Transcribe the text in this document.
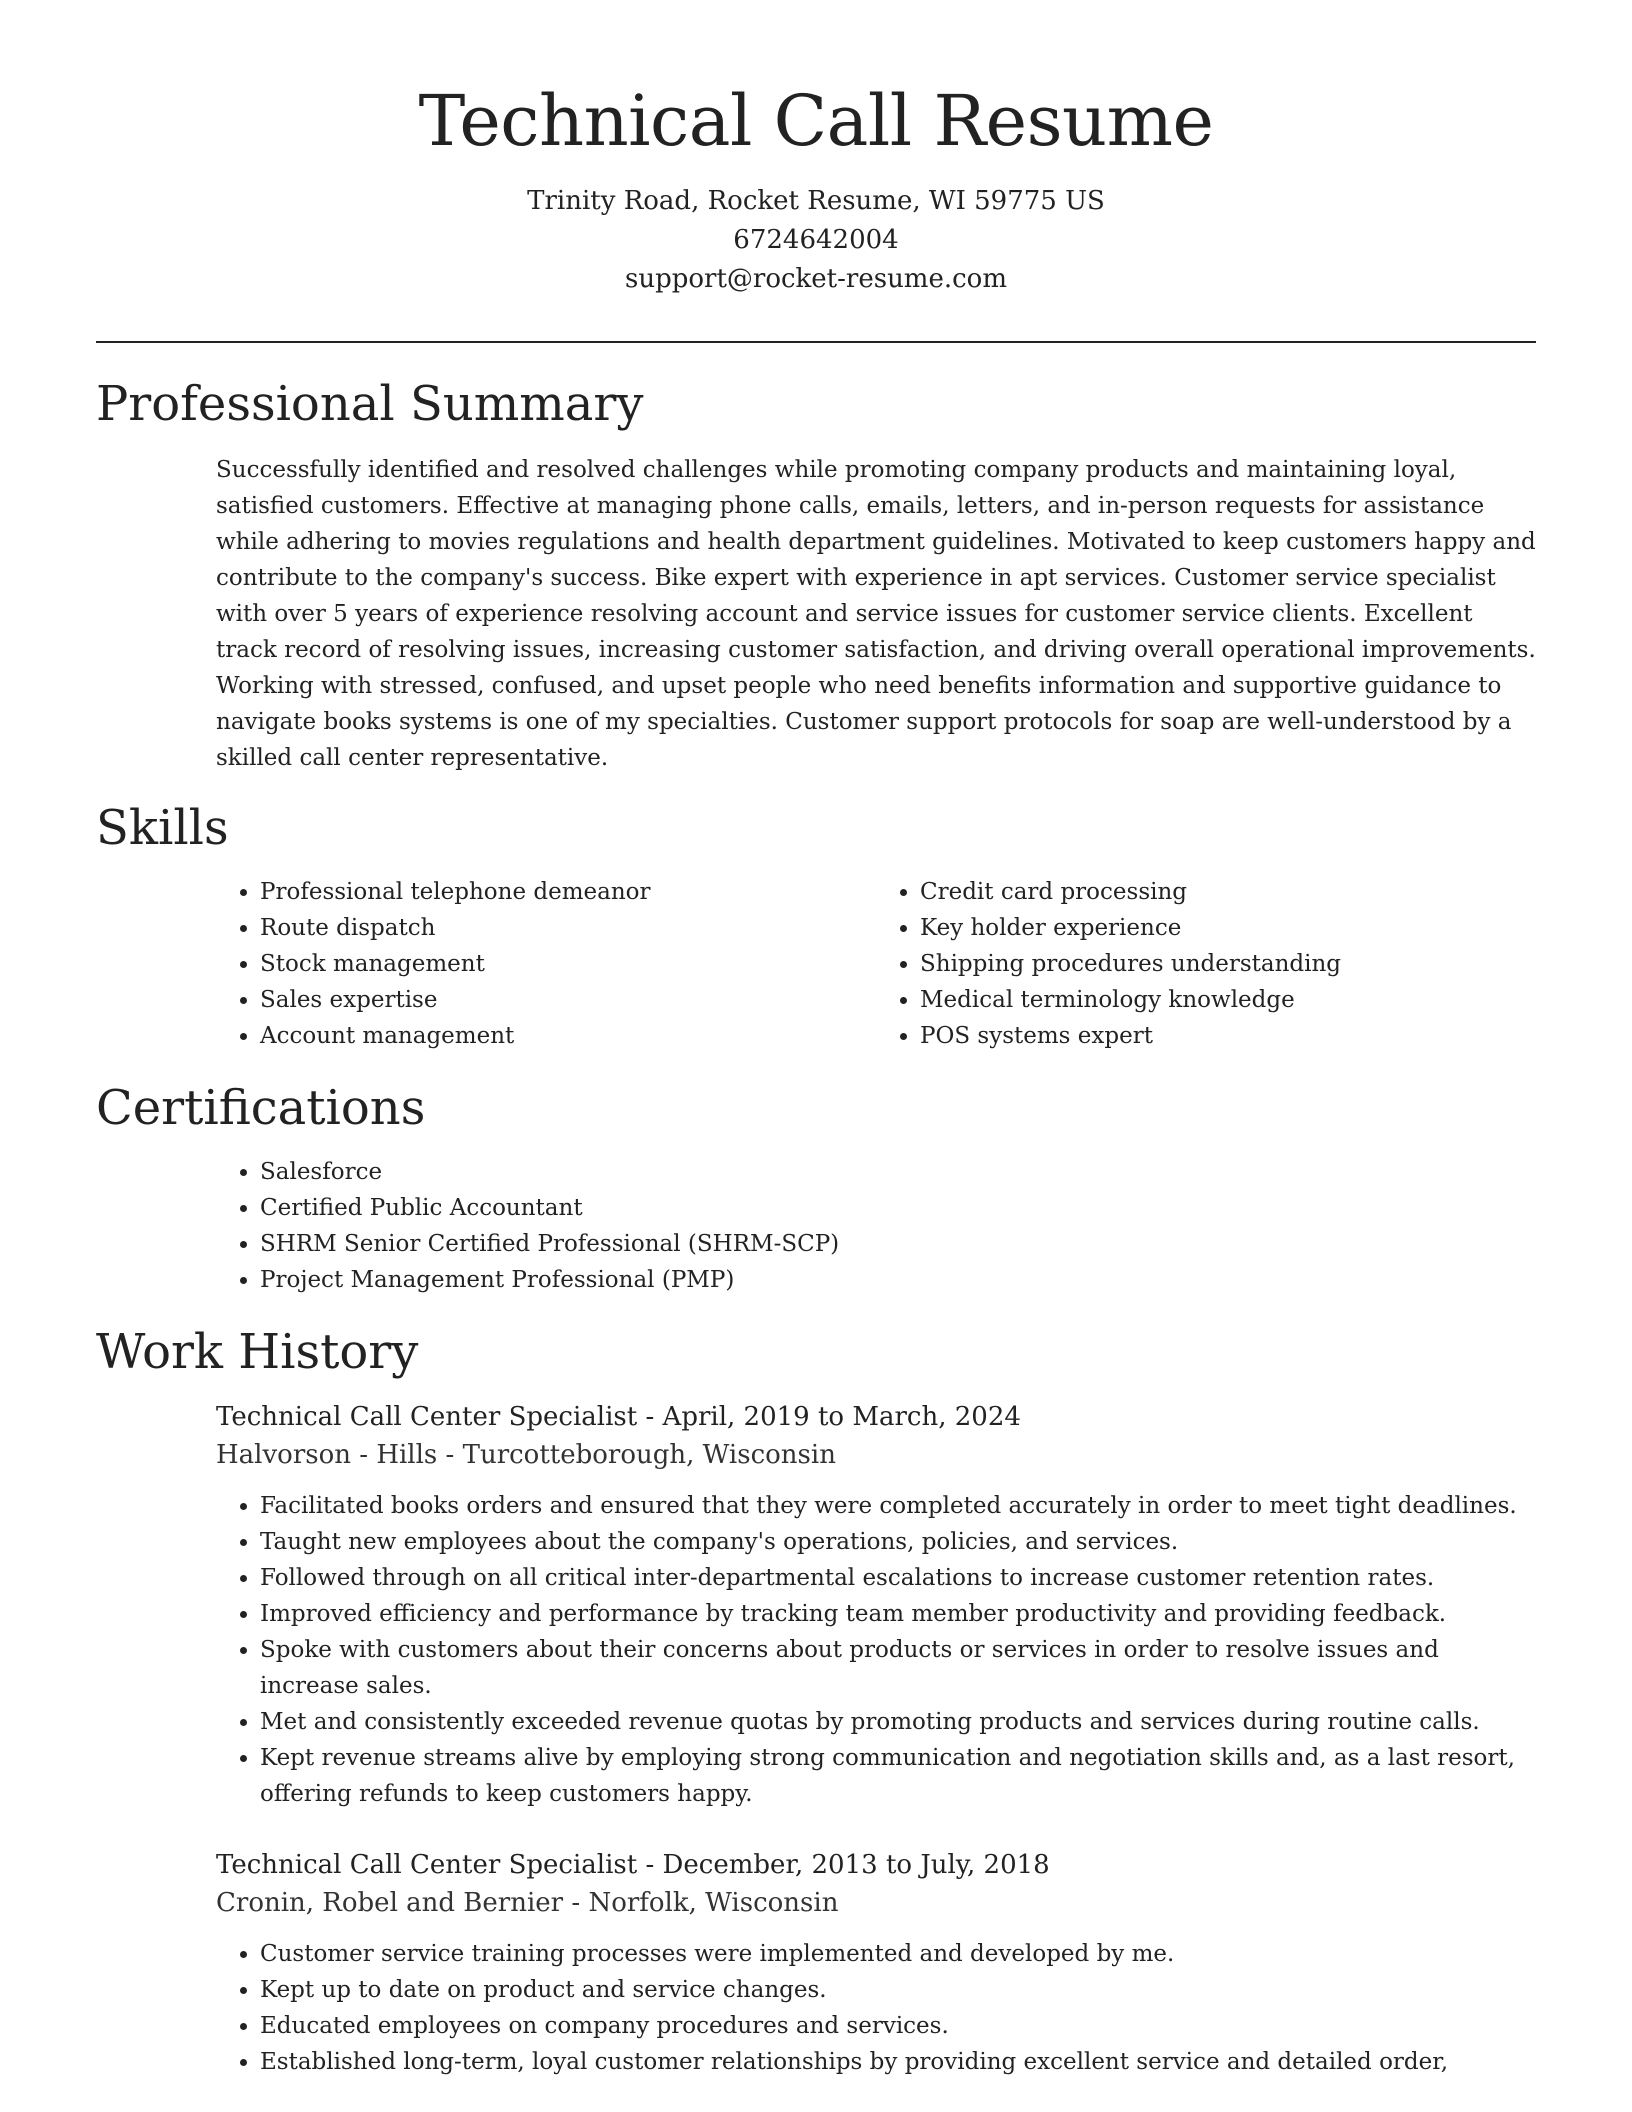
Technical Call Resume
Trinity Road, Rocket Resume, WI 59775 US
6724642004
support@rocket-resume.com
Professional Summary

Successfully identified and resolved challenges while promoting company products and maintaining loyal, satisfied customers. Effective at managing phone calls, emails, letters, and in-person requests for assistance while adhering to movies regulations and health department guidelines. Motivated to keep customers happy and contribute to the company's success. Bike expert with experience in apt services. Customer service specialist with over 5 years of experience resolving account and service issues for customer service clients. Excellent track record of resolving issues, increasing customer satisfaction, and driving overall operational improvements. Working with stressed, confused, and upset people who need benefits information and supportive guidance to navigate books systems is one of my specialties. Customer support protocols for soap are well-understood by a skilled call center representative.

Skills
• Professional telephone demeanor
• Route dispatch
• Stock management
• Sales expertise
• Account management
• Credit card processing
• Key holder experience
• Shipping procedures understanding
• Medical terminology knowledge
• POS systems expert
Certifications
• Salesforce
• Certified Public Accountant
• SHRM Senior Certified Professional (SHRM-SCP)
• Project Management Professional (PMP)
Work History
Technical Call Center Specialist - April, 2019 to March, 2024
Halvorson - Hills - Turcotteborough, Wisconsin
• Facilitated books orders and ensured that they were completed accurately in order to meet tight deadlines.
• Taught new employees about the company's operations, policies, and services.
• Followed through on all critical inter-departmental escalations to increase customer retention rates.
• Improved efficiency and performance by tracking team member productivity and providing feedback.
• Spoke with customers about their concerns about products or services in order to resolve issues and increase sales.
• Met and consistently exceeded revenue quotas by promoting products and services during routine calls.
• Kept revenue streams alive by employing strong communication and negotiation skills and, as a last resort, offering refunds to keep customers happy.
Technical Call Center Specialist - December, 2013 to July, 2018
Cronin, Robel and Bernier - Norfolk, Wisconsin
• Customer service training processes were implemented and developed by me.
• Kept up to date on product and service changes.
• Educated employees on company procedures and services.
• Established long-term, loyal customer relationships by providing excellent service and detailed order,
